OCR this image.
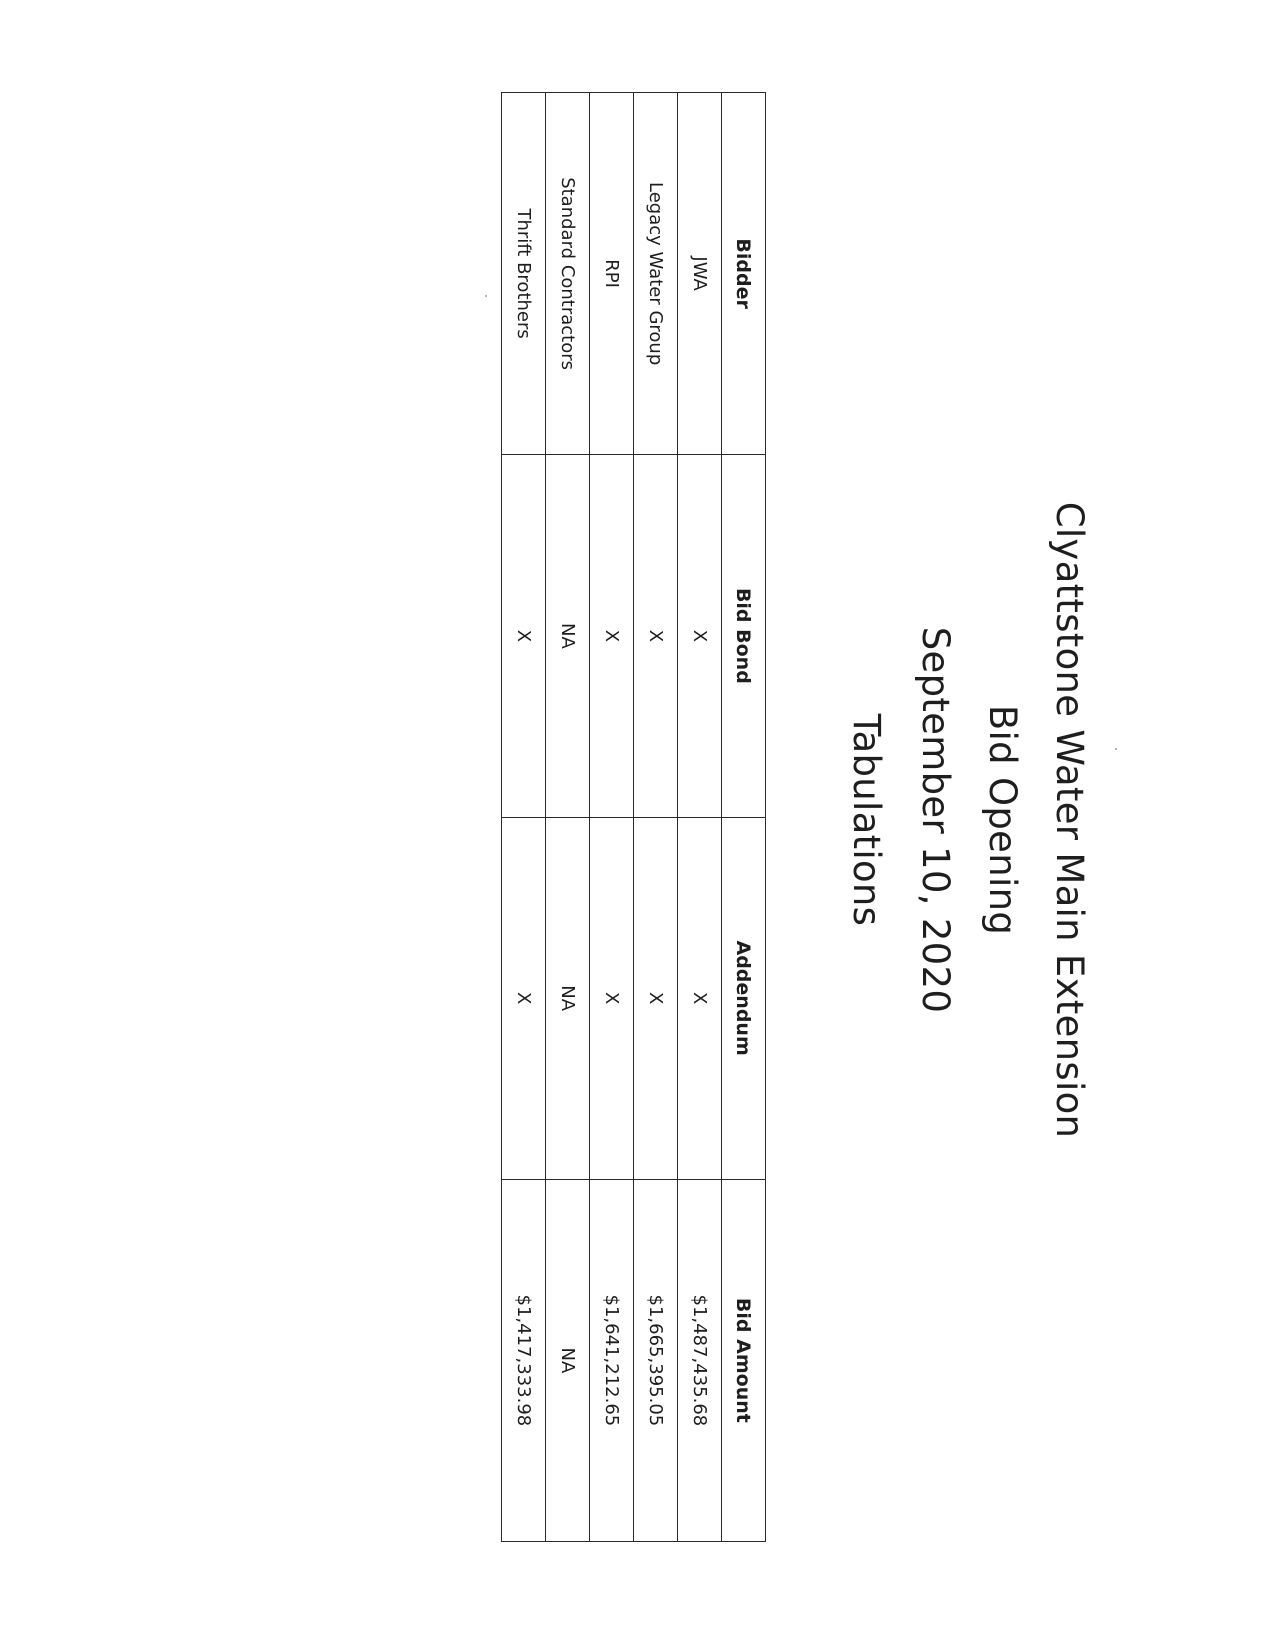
Clyattstone Water Main Extension
Bid Opening
September 10, 2020
Tabulations
Bidder	Bid Bond	Addendum	Bid Amount
JWA	X	X	$1,487,435.68
Legacy Water Group	X	X	$1,665,395.05
RPI	X	X	$1,641,212.65
Standard Contractors	NA	NA	NA
Thrift Brothers	X	X	$1,417,333.98
